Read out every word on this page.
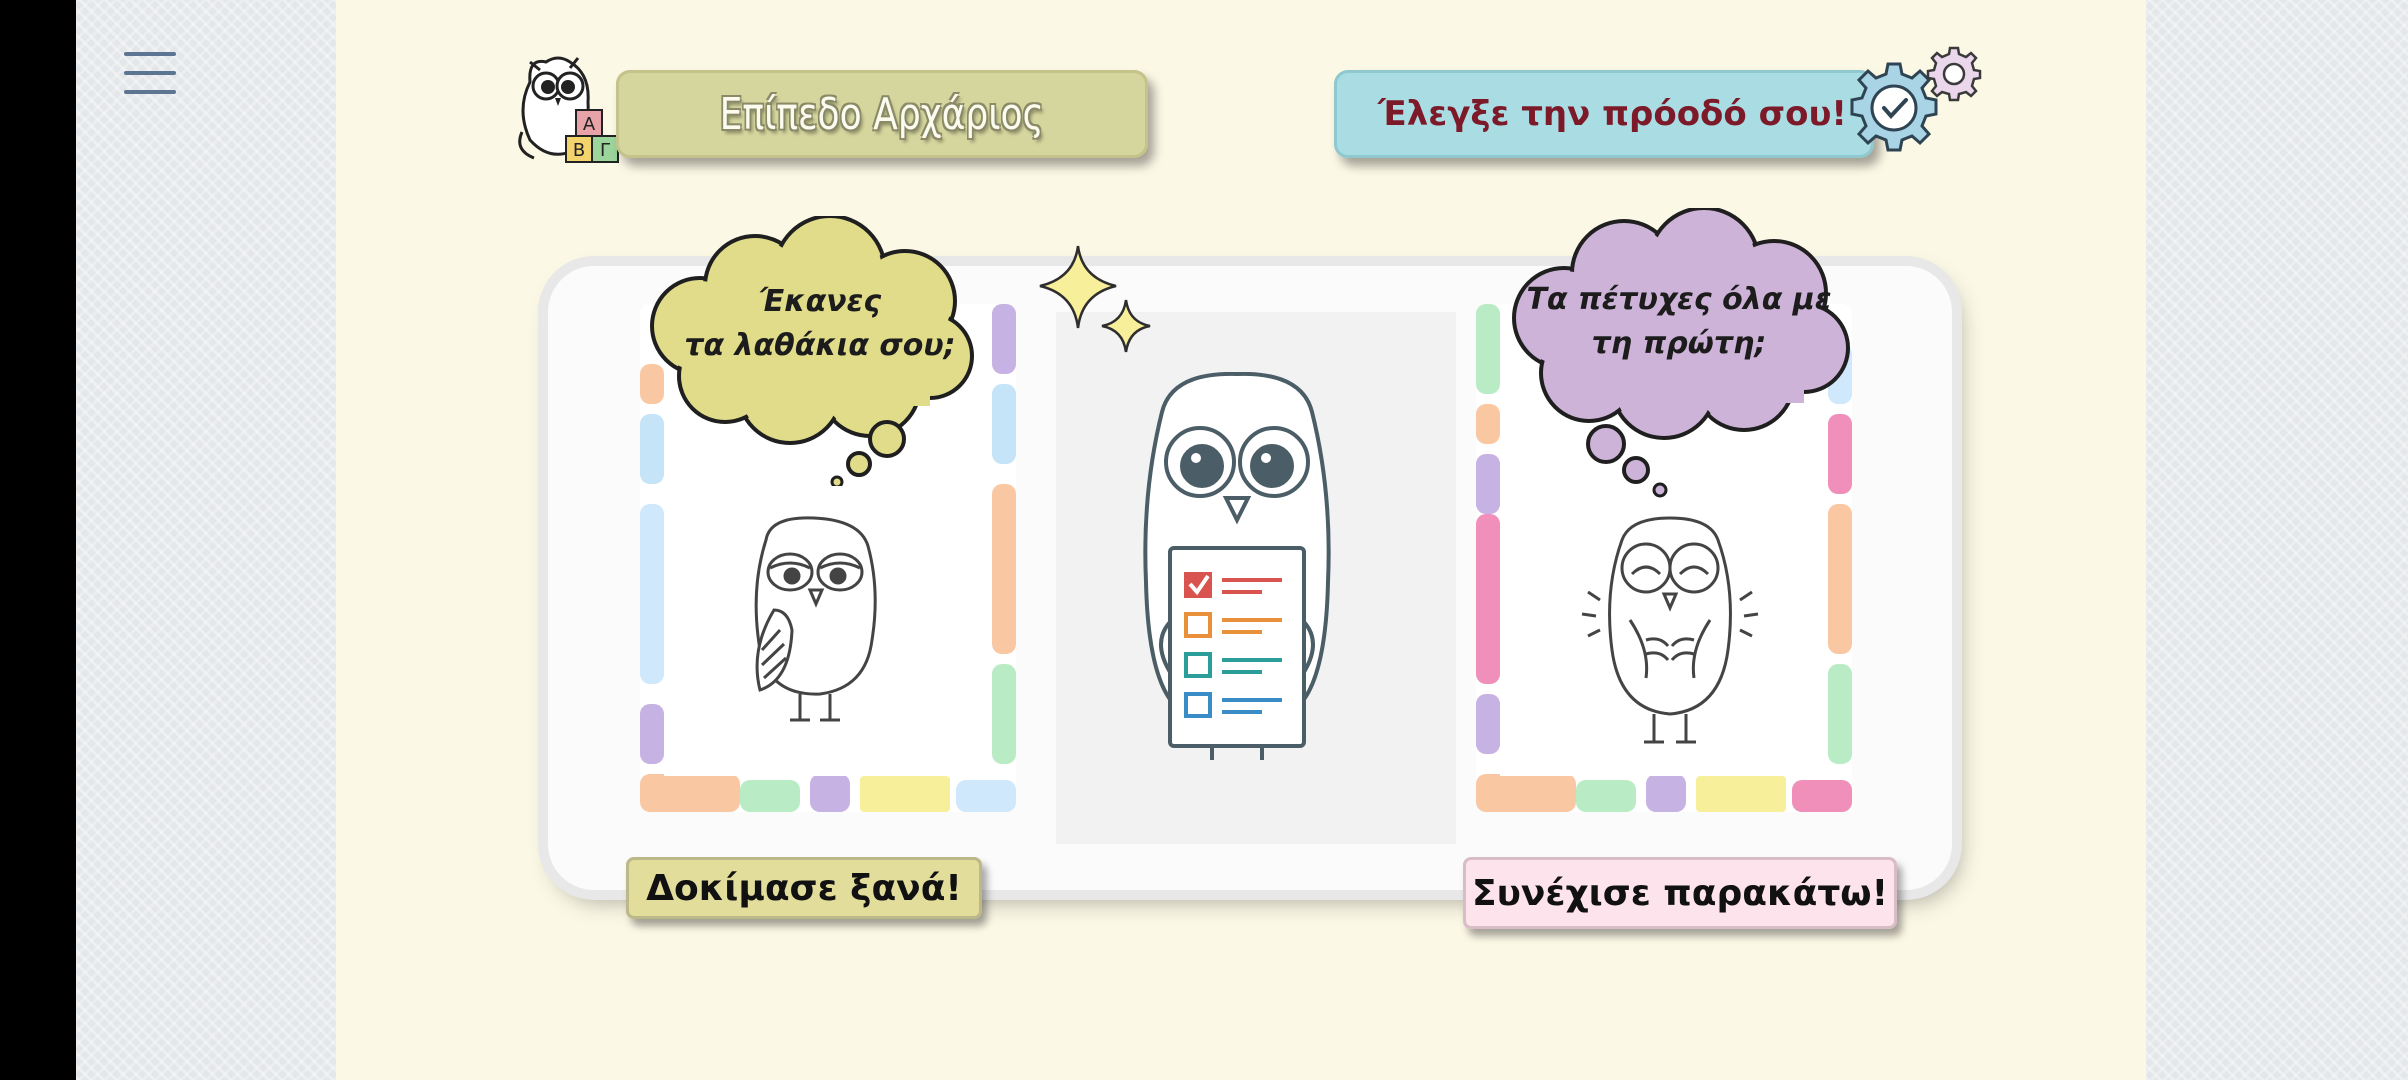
Α
Β Γ
Επίπεδο Αρχάριος	Έλεγξε την πρόοδό σου!
Έκανες
τα λαθάκια σου;
Τα πέτυχες όλα με
τη πρώτη;
Δοκίμασε ξανά!	Συνέχισε παρακάτω!
